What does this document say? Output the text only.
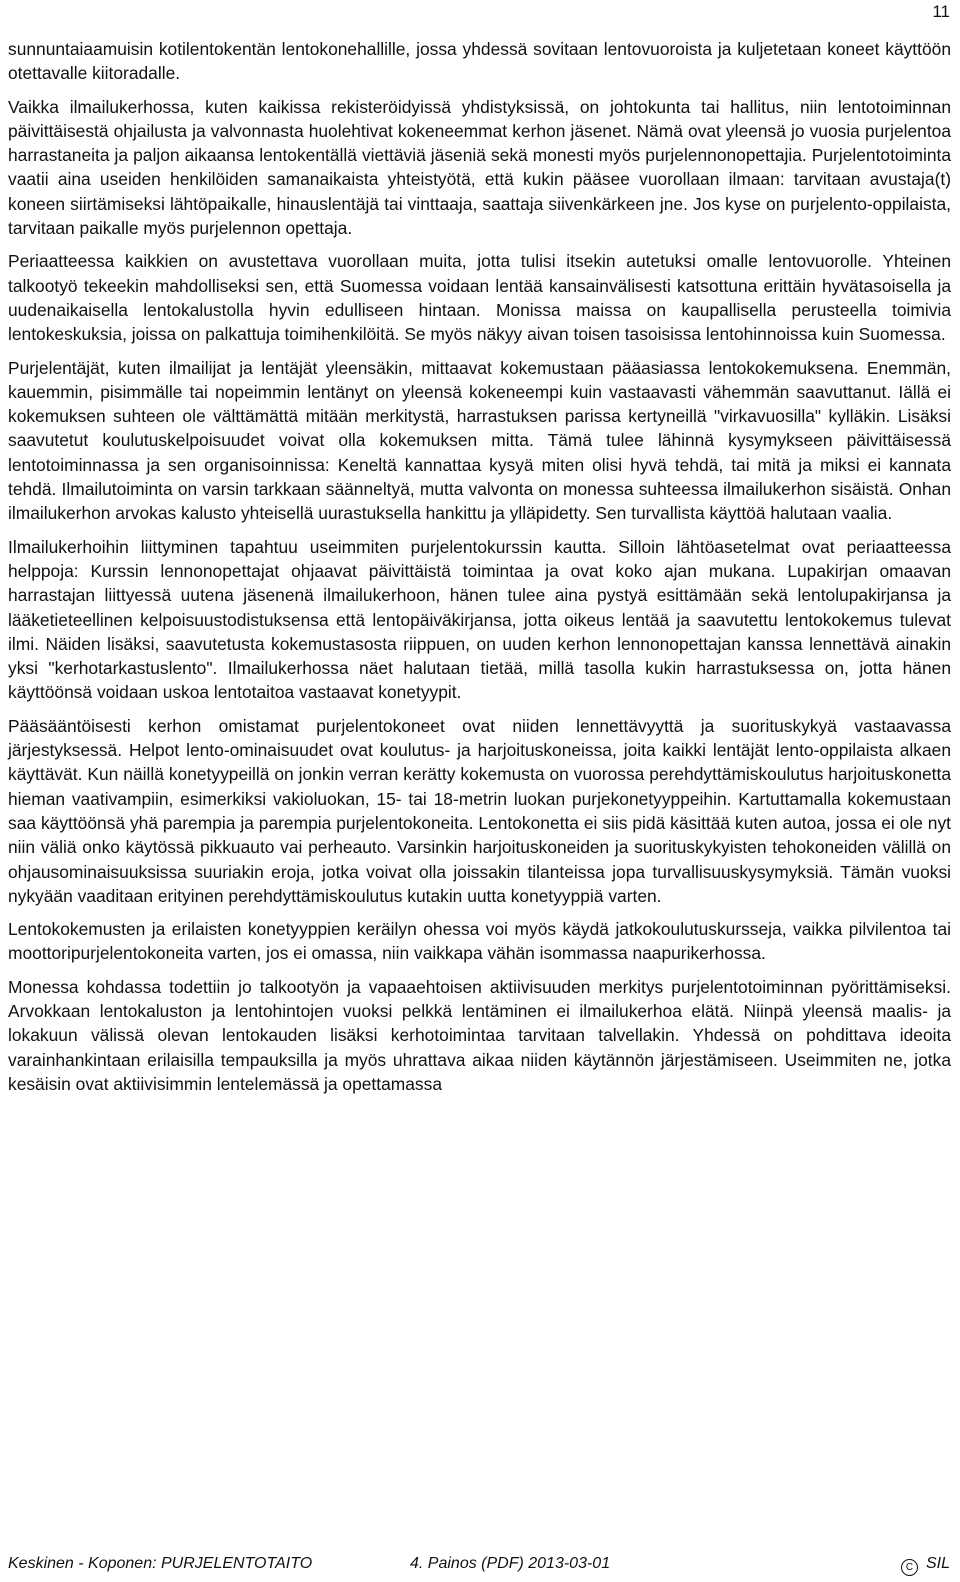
11

sunnuntaiaamuisin kotilentokentän lentokonehallille, jossa yhdessä sovitaan lentovuoroista ja kuljetetaan koneet käyttöön otettavalle kiitoradalle.

Vaikka ilmailukerhossa, kuten kaikissa rekisteröidyissä yhdistyksissä, on johtokunta tai hallitus, niin lentotoiminnan päivittäisestä ohjailusta ja valvonnasta huolehtivat kokeneemmat kerhon jäsenet. Nämä ovat yleensä jo vuosia purjelentoa harrastaneita ja paljon aikaansa lentokentällä viettäviä jäseniä sekä monesti myös purjelennonopettajia. Purjelentotoiminta vaatii aina useiden henkilöiden samanaikaista yhteistyötä, että kukin pääsee vuorollaan ilmaan: tarvitaan avustaja(t) koneen siirtämiseksi lähtöpaikalle, hinauslentäjä tai vinttaaja, saattaja siivenkärkeen jne. Jos kyse on purjelento-oppilaista, tarvitaan paikalle myös purjelennon opettaja.

Periaatteessa kaikkien on avustettava vuorollaan muita, jotta tulisi itsekin autetuksi omalle lentovuorolle. Yhteinen talkootyö tekeekin mahdolliseksi sen, että Suomessa voidaan lentää kansainvälisesti katsottuna erittäin hyvätasoisella ja uudenaikaisella lentokalustolla hyvin edulliseen hintaan. Monissa maissa on kaupallisella perusteella toimivia lentokeskuksia, joissa on palkattuja toimihenkilöitä. Se myös näkyy aivan toisen tasoisissa lentohinnoissa kuin Suomessa.

Purjelentäjät, kuten ilmailijat ja lentäjät yleensäkin, mittaavat kokemustaan pääasiassa lentokokemuksena. Enemmän, kauemmin, pisimmälle tai nopeimmin lentänyt on yleensä kokeneempi kuin vastaavasti vähemmän saavuttanut. Iällä ei kokemuksen suhteen ole välttämättä mitään merkitystä, harrastuksen parissa kertyneillä "virkavuosilla" kylläkin. Lisäksi saavutetut koulutuskelpoisuudet voivat olla kokemuksen mitta. Tämä tulee lähinnä kysymykseen päivittäisessä lentotoiminnassa ja sen organisoinnissa: Keneltä kannattaa kysyä miten olisi hyvä tehdä, tai mitä ja miksi ei kannata tehdä. Ilmailutoiminta on varsin tarkkaan säänneltyä, mutta valvonta on monessa suhteessa ilmailukerhon sisäistä. Onhan ilmailukerhon arvokas kalusto yhteisellä uurastuksella hankittu ja ylläpidetty. Sen turvallista käyttöä halutaan vaalia.

Ilmailukerhoihin liittyminen tapahtuu useimmiten purjelentokurssin kautta. Silloin lähtöasetelmat ovat periaatteessa helppoja: Kurssin lennonopettajat ohjaavat päivittäistä toimintaa ja ovat koko ajan mukana. Lupakirjan omaavan harrastajan liittyessä uutena jäsenenä ilmailukerhoon, hänen tulee aina pystyä esittämään sekä lentolupakirjansa ja lääketieteellinen kelpoisuustodistuksensa että lentopäiväkirjansa, jotta oikeus lentää ja saavutettu lentokokemus tulevat ilmi. Näiden lisäksi, saavutetusta kokemustasosta riippuen, on uuden kerhon lennonopettajan kanssa lennettävä ainakin yksi "kerhotarkastuslento". Ilmailukerhossa näet halutaan tietää, millä tasolla kukin harrastuksessa on, jotta hänen käyttöönsä voidaan uskoa lentotaitoa vastaavat konetyypit.

Pääsääntöisesti kerhon omistamat purjelentokoneet ovat niiden lennettävyyttä ja suorituskykyä vastaavassa järjestyksessä. Helpot lento-ominaisuudet ovat koulutus- ja harjoituskoneissa, joita kaikki lentäjät lento-oppilaista alkaen käyttävät. Kun näillä konetyypeillä on jonkin verran kerätty kokemusta on vuorossa perehdyttämiskoulutus harjoituskonetta hieman vaativampiin, esimerkiksi vakioluokan, 15- tai 18-metrin luokan purjekonetyyppeihin. Kartuttamalla kokemustaan saa käyttöönsä yhä parempia ja parempia purjelentokoneita. Lentokonetta ei siis pidä käsittää kuten autoa, jossa ei ole nyt niin väliä onko käytössä pikkuauto vai perheauto. Varsinkin harjoituskoneiden ja suorituskykyisten tehokoneiden välillä on ohjausominaisuuksissa suuriakin eroja, jotka voivat olla joissakin tilanteissa jopa turvallisuuskysymyksiä. Tämän vuoksi nykyään vaaditaan erityinen perehdyttämiskoulutus kutakin uutta konetyyppiä varten.

Lentokokemusten ja erilaisten konetyyppien keräilyn ohessa voi myös käydä jatkokoulutuskursseja, vaikka pilvilentoa tai moottoripurjelentokoneita varten, jos ei omassa, niin vaikkapa vähän isommassa naapurikerhossa.

Monessa kohdassa todettiin jo talkootyön ja vapaaehtoisen aktiivisuuden merkitys purjelentotoiminnan pyörittämiseksi. Arvokkaan lentokaluston ja lentohintojen vuoksi pelkkä lentäminen ei ilmailukerhoa elätä. Niinpä yleensä maalis- ja lokakuun välissä olevan lentokauden lisäksi kerhotoimintaa tarvitaan talvellakin. Yhdessä on pohdittava ideoita varainhankintaan erilaisilla tempauksilla ja myös uhrattava aikaa niiden käytännön järjestämiseen. Useimmiten ne, jotka kesäisin ovat aktiivisimmin lentelemässä ja opettamassa

Keskinen - Koponen: PURJELENTOTAITO	4. Painos (PDF) 2013-03-01	C SIL
